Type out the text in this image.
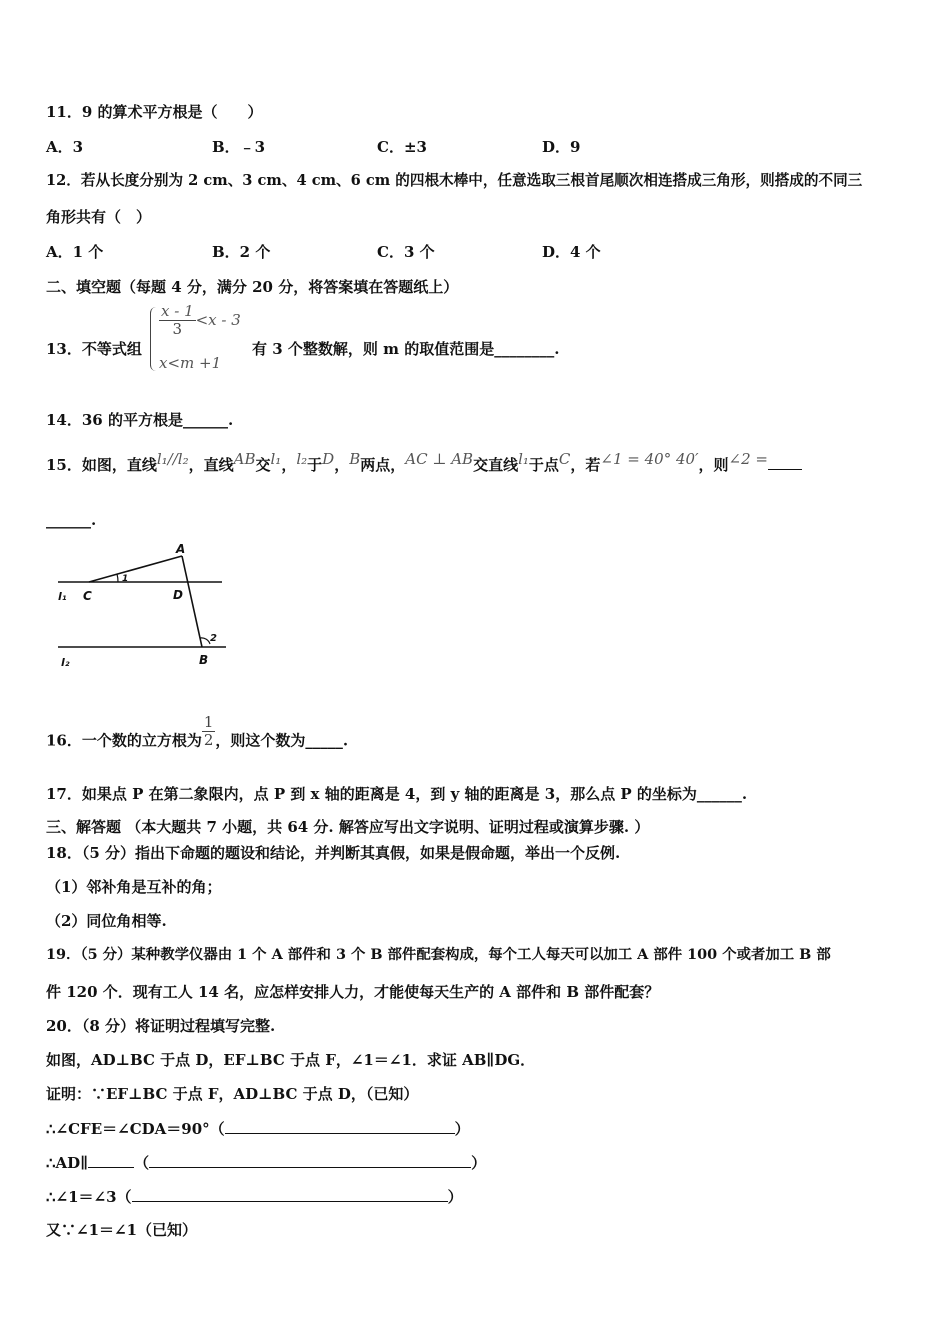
11．9 的算术平方根是（　　）
A．3	B．﹣3	C．±3	D．9
12．若从长度分别为 2 cm、3 cm、4 cm、6 cm 的四根木棒中，任意选取三根首尾顺次相连搭成三角形，则搭成的不同三
角形共有（　）
A．1 个	B．2 个	C．3 个	D．4 个
二、填空题（每题 4 分，满分 20 分，将答案填在答题纸上）
13．不等式组
$\frac{x - 1}{3} <x - 3$
x<m +1
有 3 个整数解，则 m 的取值范围是________.
14．36 的平方根是______.
15．如图，直线l₁//l₂，直线AB交l₁，l₂于D，B两点，AC ⊥ AB交直线l₁于点C，若∠1 = 40° 40′，则∠2 =
______.
A
C	D
B
l₁
l₂
1
2
16．一个数的立方根为 $\frac{1}{2}$ ，则这个数为_____.
17．如果点 P 在第二象限内，点 P 到 x 轴的距离是 4，到 y 轴的距离是 3，那么点 P 的坐标为______.
三、解答题 （本大题共 7 小题，共 64 分. 解答应写出文字说明、证明过程或演算步骤. ）
18．（5 分）指出下命题的题设和结论，并判断其真假，如果是假命题，举出一个反例.
（1）邻补角是互补的角；
（2）同位角相等.
19．（5 分）某种教学仪器由 1 个 A 部件和 3 个 B 部件配套构成，每个工人每天可以加工 A 部件 100 个或者加工 B 部
件 120 个．现有工人 14 名，应怎样安排人力，才能使每天生产的 A 部件和 B 部件配套？
20．（8 分）将证明过程填写完整.
如图，AD⊥BC 于点 D，EF⊥BC 于点 F，∠1＝∠1．求证 AB∥DG．
证明：∵EF⊥BC 于点 F，AD⊥BC 于点 D，（已知）
∴∠CFE＝∠CDA＝90°（	）
∴AD∥	（	）
∴∠1＝∠3（	）
又∵∠1＝∠1（已知）
